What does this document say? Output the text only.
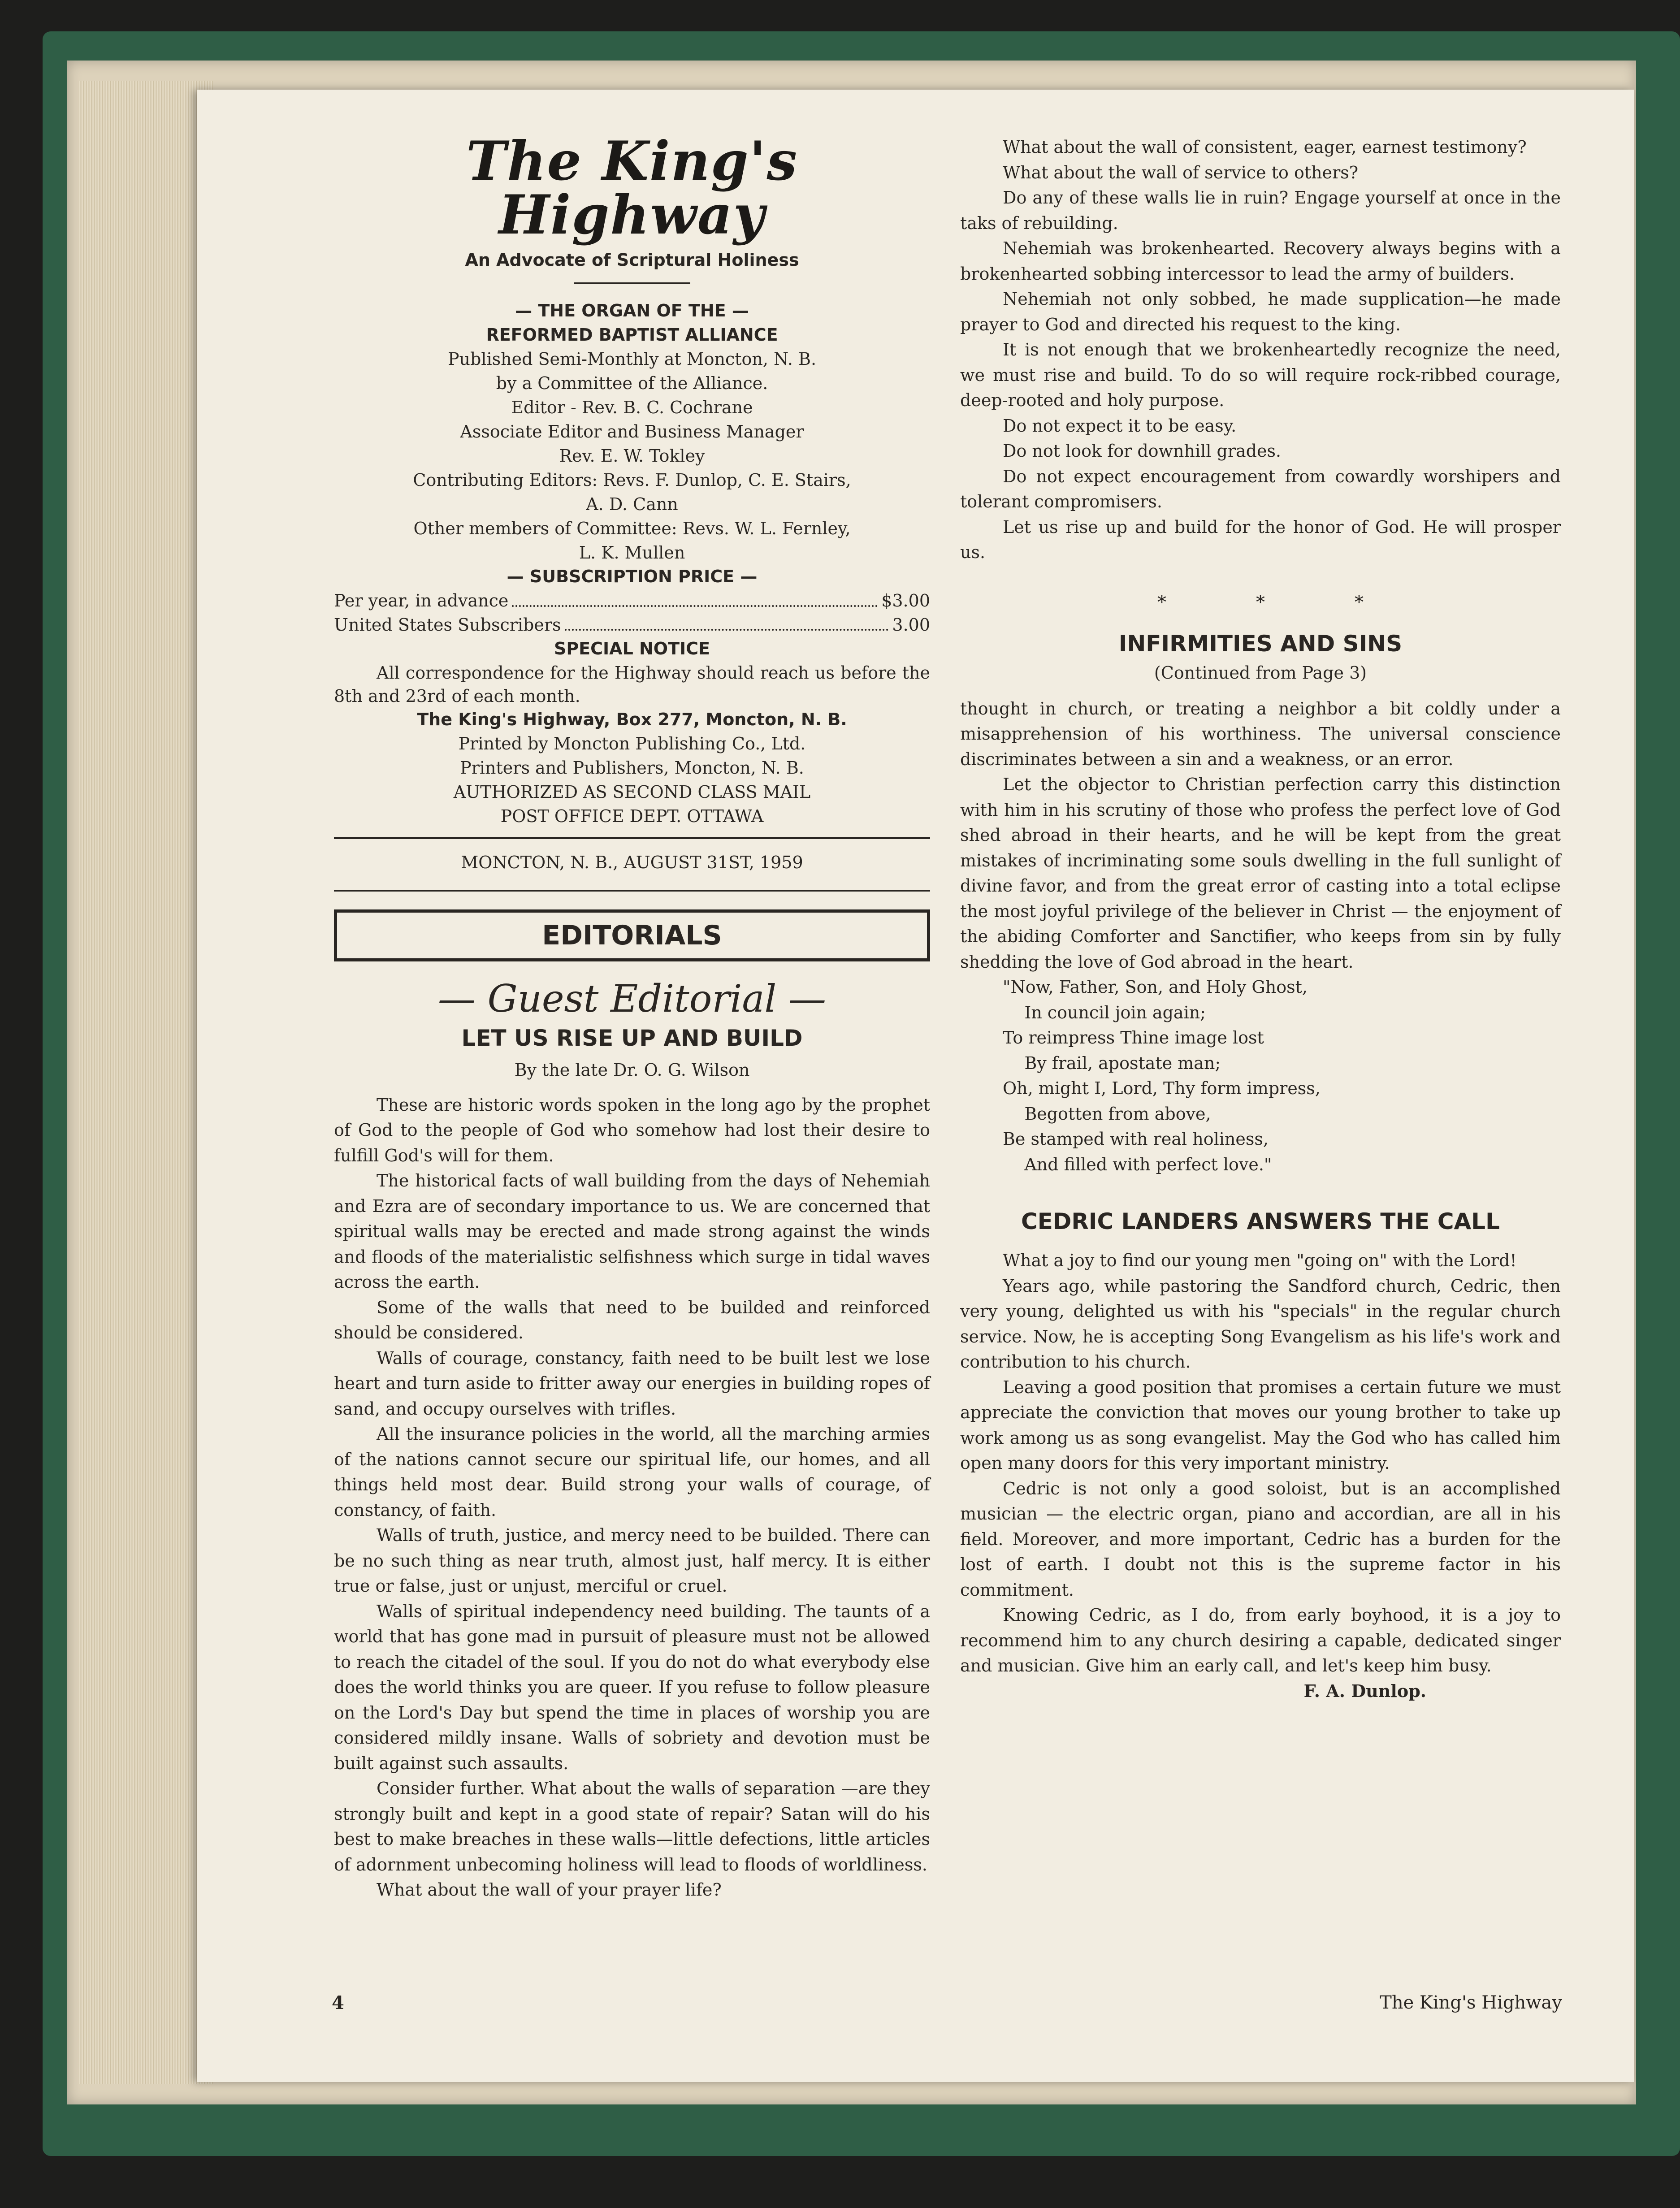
The King's Highway
An Advocate of Scriptural Holiness
— THE ORGAN OF THE —
REFORMED BAPTIST ALLIANCE
Published Semi-Monthly at Moncton, N. B.
by a Committee of the Alliance.
Editor - Rev. B. C. Cochrane
Associate Editor and Business Manager
Rev. E. W. Tokley
Contributing Editors: Revs. F. Dunlop, C. E. Stairs,
A. D. Cann
Other members of Committee: Revs. W. L. Fernley,
L. K. Mullen
— SUBSCRIPTION PRICE —
Per year, in advance	$3.00
United States Subscribers	3.00
SPECIAL NOTICE

All correspondence for the Highway should reach us before the 8th and 23rd of each month.

The King's Highway, Box 277, Moncton, N. B.
Printed by Moncton Publishing Co., Ltd.
Printers and Publishers, Moncton, N. B.
AUTHORIZED AS SECOND CLASS MAIL
POST OFFICE DEPT. OTTAWA
MONCTON, N. B., AUGUST 31ST, 1959
EDITORIALS
— Guest Editorial —
LET US RISE UP AND BUILD
By the late Dr. O. G. Wilson

These are historic words spoken in the long ago by the prophet of God to the people of God who somehow had lost their desire to fulfill God's will for them.

The historical facts of wall building from the days of Nehemiah and Ezra are of secondary importance to us. We are concerned that spiritual walls may be erected and made strong against the winds and floods of the materialistic selfishness which surge in tidal waves across the earth.

Some of the walls that need to be builded and reinforced should be considered.

Walls of courage, constancy, faith need to be built lest we lose heart and turn aside to fritter away our energies in building ropes of sand, and occupy ourselves with trifles.

All the insurance policies in the world, all the marching armies of the nations cannot secure our spiritual life, our homes, and all things held most dear. Build strong your walls of courage, of constancy, of faith.

Walls of truth, justice, and mercy need to be builded. There can be no such thing as near truth, almost just, half mercy. It is either true or false, just or unjust, merciful or cruel.

Walls of spiritual independency need building. The taunts of a world that has gone mad in pursuit of pleasure must not be allowed to reach the citadel of the soul. If you do not do what everybody else does the world thinks you are queer. If you refuse to follow pleasure on the Lord's Day but spend the time in places of worship you are considered mildly insane. Walls of sobriety and devotion must be built against such assaults.

Consider further. What about the walls of separation —are they strongly built and kept in a good state of repair? Satan will do his best to make breaches in these walls—little defections, little articles of adornment unbecoming holiness will lead to floods of worldliness.

What about the wall of your prayer life?

What about the wall of consistent, eager, earnest testimony?

What about the wall of service to others?

Do any of these walls lie in ruin? Engage yourself at once in the taks of rebuilding.

Nehemiah was brokenhearted. Recovery always begins with a brokenhearted sobbing intercessor to lead the army of builders.

Nehemiah not only sobbed, he made supplication—he made prayer to God and directed his request to the king.

It is not enough that we brokenheartedly recognize the need, we must rise and build. To do so will require rock-ribbed courage, deep-rooted and holy purpose.

Do not expect it to be easy.

Do not look for downhill grades.

Do not expect encouragement from cowardly worshipers and tolerant compromisers.

Let us rise up and build for the honor of God. He will prosper us.

*	*	*
INFIRMITIES AND SINS
(Continued from Page 3)

thought in church, or treating a neighbor a bit coldly under a misapprehension of his worthiness. The universal conscience discriminates between a sin and a weakness, or an error.

Let the objector to Christian perfection carry this distinction with him in his scrutiny of those who profess the perfect love of God shed abroad in their hearts, and he will be kept from the great mistakes of incriminating some souls dwelling in the full sunlight of divine favor, and from the great error of casting into a total eclipse the most joyful privilege of the believer in Christ — the enjoyment of the abiding Comforter and Sanctifier, who keeps from sin by fully shedding the love of God abroad in the heart.

"Now, Father, Son, and Holy Ghost,
In council join again;
To reimpress Thine image lost
By frail, apostate man;
Oh, might I, Lord, Thy form impress,
Begotten from above,
Be stamped with real holiness,
And filled with perfect love."
CEDRIC LANDERS ANSWERS THE CALL

What a joy to find our young men "going on" with the Lord!

Years ago, while pastoring the Sandford church, Cedric, then very young, delighted us with his "specials" in the regular church service. Now, he is accepting Song Evangelism as his life's work and contribution to his church.

Leaving a good position that promises a certain future we must appreciate the conviction that moves our young brother to take up work among us as song evangelist. May the God who has called him open many doors for this very important ministry.

Cedric is not only a good soloist, but is an accomplished musician — the electric organ, piano and accordian, are all in his field. Moreover, and more important, Cedric has a burden for the lost of earth. I doubt not this is the supreme factor in his commitment.

Knowing Cedric, as I do, from early boyhood, it is a joy to recommend him to any church desiring a capable, dedicated singer and musician. Give him an early call, and let's keep him busy.

F. A. Dunlop.
4	The King's Highway
